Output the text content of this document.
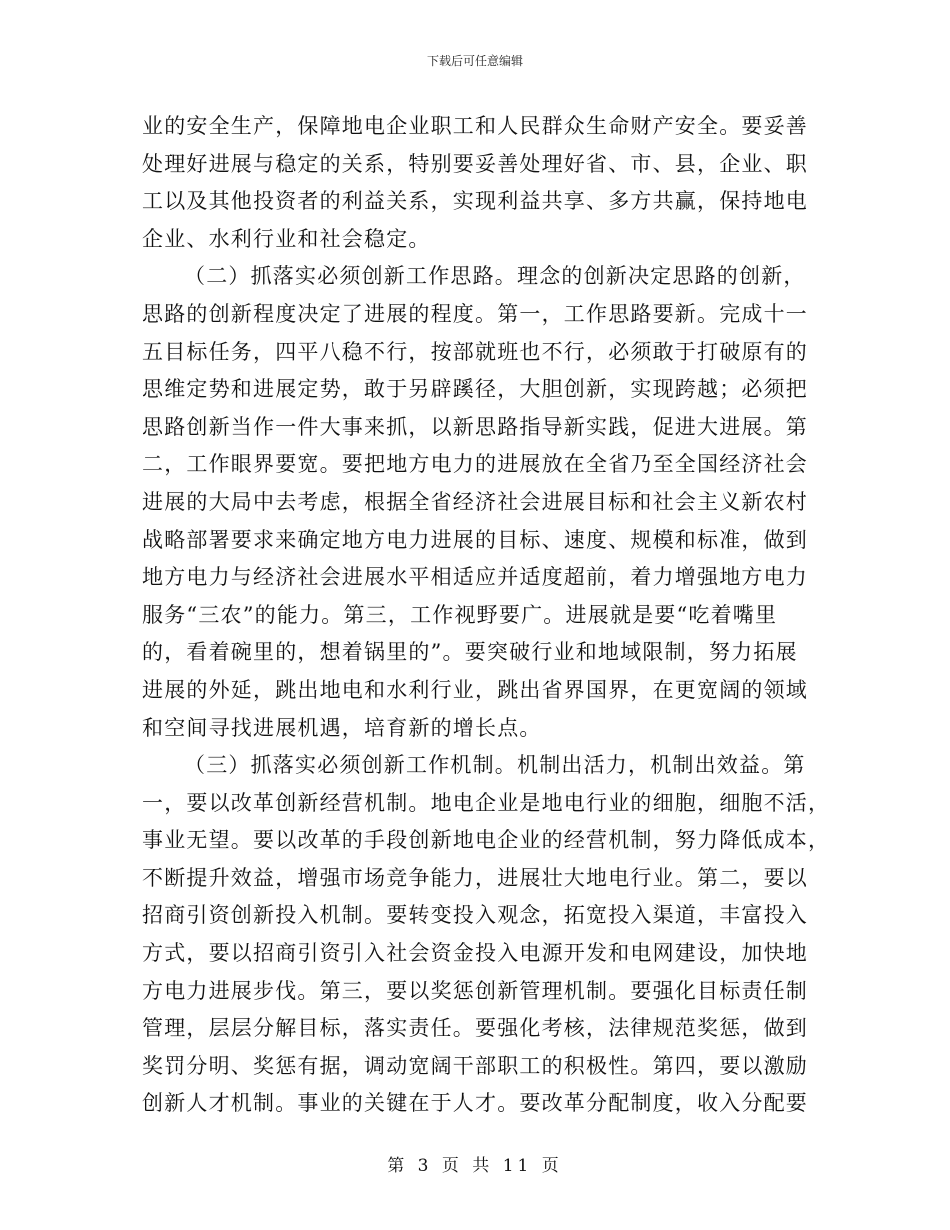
下载后可任意编辑
业的安全生产，保障地电企业职工和人民群众生命财产安全。要妥善
处理好进展与稳定的关系，特别要妥善处理好省、市、县，企业、职
工以及其他投资者的利益关系，实现利益共享、多方共赢，保持地电
企业、水利行业和社会稳定。
（二）抓落实必须创新工作思路。理念的创新决定思路的创新，
思路的创新程度决定了进展的程度。第一，工作思路要新。完成十一
五目标任务，四平八稳不行，按部就班也不行，必须敢于打破原有的
思维定势和进展定势，敢于另辟蹊径，大胆创新，实现跨越；必须把
思路创新当作一件大事来抓，以新思路指导新实践，促进大进展。第
二，工作眼界要宽。要把地方电力的进展放在全省乃至全国经济社会
进展的大局中去考虑，根据全省经济社会进展目标和社会主义新农村
战略部署要求来确定地方电力进展的目标、速度、规模和标准，做到
地方电力与经济社会进展水平相适应并适度超前，着力增强地方电力
服务“三农”的能力。第三，工作视野要广。进展就是要“吃着嘴里
的，看着碗里的，想着锅里的”。要突破行业和地域限制，努力拓展
进展的外延，跳出地电和水利行业，跳出省界国界，在更宽阔的领域
和空间寻找进展机遇，培育新的增长点。
（三）抓落实必须创新工作机制。机制出活力，机制出效益。第
一，要以改革创新经营机制。地电企业是地电行业的细胞，细胞不活，
事业无望。要以改革的手段创新地电企业的经营机制，努力降低成本，
不断提升效益，增强市场竞争能力，进展壮大地电行业。第二，要以
招商引资创新投入机制。要转变投入观念，拓宽投入渠道，丰富投入
方式，要以招商引资引入社会资金投入电源开发和电网建设，加快地
方电力进展步伐。第三，要以奖惩创新管理机制。要强化目标责任制
管理，层层分解目标，落实责任。要强化考核，法律规范奖惩，做到
奖罚分明、奖惩有据，调动宽阔干部职工的积极性。第四，要以激励
创新人才机制。事业的关键在于人才。要改革分配制度，收入分配要
第 3 页 共 11 页
